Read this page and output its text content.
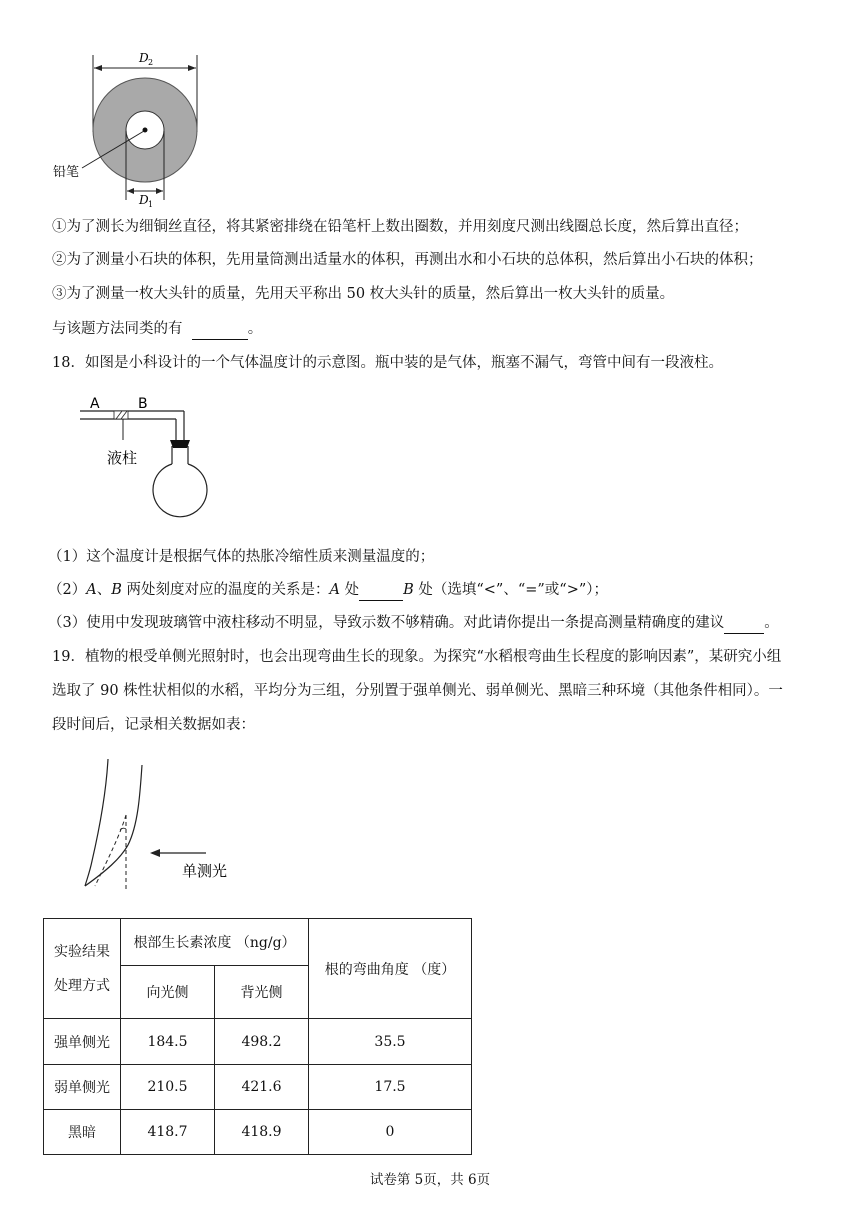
D 2
铅笔
D 1
①为了测长为细铜丝直径，将其紧密排绕在铅笔杆上数出圈数，并用刻度尺测出线圈总长度，然后算出直径；
②为了测量小石块的体积，先用量筒测出适量水的体积，再测出水和小石块的总体积，然后算出小石块的体积；
③为了测量一枚大头针的质量，先用天平称出 50 枚大头针的质量，然后算出一枚大头针的质量。
与该题方法同类的有	。
18．如图是小科设计的一个气体温度计的示意图。瓶中装的是气体，瓶塞不漏气，弯管中间有一段液柱。
A	B
液柱
（1）这个温度计是根据气体的热胀冷缩性质来测量温度的；
（2）A、B 两处刻度对应的温度的关系是：A 处	B 处（选填“<”、“=”或“>”）；
（3）使用中发现玻璃管中液柱移动不明显，导致示数不够精确。对此请你提出一条提高测量精确度的建议	。
19．植物的根受单侧光照射时，也会出现弯曲生长的现象。为探究“水稻根弯曲生长程度的影响因素”，某研究小组
选取了 90 株性状相似的水稻，平均分为三组，分别置于强单侧光、弱单侧光、黑暗三种环境（其他条件相同）。一
段时间后，记录相关数据如表：
单测光
实验结果
处理方式	根部生长素浓度 （ng/g）		根的弯曲角度 （度）
	向光侧	背光侧	
强单侧光	184.5	498.2	35.5
弱单侧光	210.5	421.6	17.5
黑暗	418.7	418.9	0
试卷第 5页，共 6页
